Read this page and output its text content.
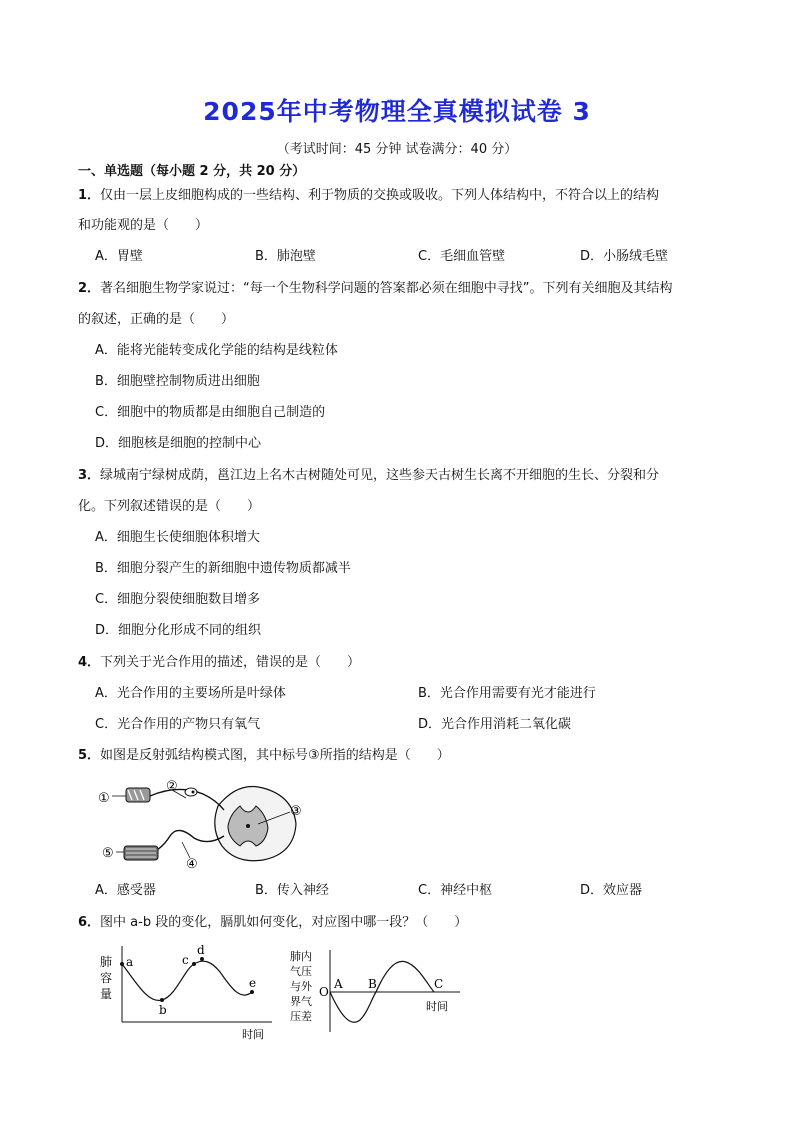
2025年中考物理全真模拟试卷 3
（考试时间：45 分钟 试卷满分：40 分）
一、单选题（每小题 2 分，共 20 分）
1．仅由一层上皮细胞构成的一些结构、利于物质的交换或吸收。下列人体结构中，不符合以上的结构
和功能观的是（　　）
A．胃壁	B．肺泡壁	C．毛细血管壁	D．小肠绒毛壁
2．著名细胞生物学家说过：“每一个生物科学问题的答案都必须在细胞中寻找”。下列有关细胞及其结构
的叙述，正确的是（　　）
A．能将光能转变成化学能的结构是线粒体
B．细胞壁控制物质进出细胞
C．细胞中的物质都是由细胞自己制造的
D．细胞核是细胞的控制中心
3．绿城南宁绿树成荫，邕江边上名木古树随处可见，这些参天古树生长离不开细胞的生长、分裂和分
化。下列叙述错误的是（　　）
A．细胞生长使细胞体积增大
B．细胞分裂产生的新细胞中遗传物质都减半
C．细胞分裂使细胞数目增多
D．细胞分化形成不同的组织
4．下列关于光合作用的描述，错误的是（　　）
A．光合作用的主要场所是叶绿体	B．光合作用需要有光才能进行
C．光合作用的产物只有氧气	D．光合作用消耗二氧化碳
5．如图是反射弧结构模式图，其中标号③所指的结构是（　　）
①
②
③
④
⑤
A．感受器	B．传入神经	C．神经中枢	D．效应器
6．图中 a-b 段的变化，膈肌如何变化，对应图中哪一段？（　　）
肺
容
量
a
b
c
d
e
时间
肺内
气压
与外
界气
压差
O
A B	C
时间
